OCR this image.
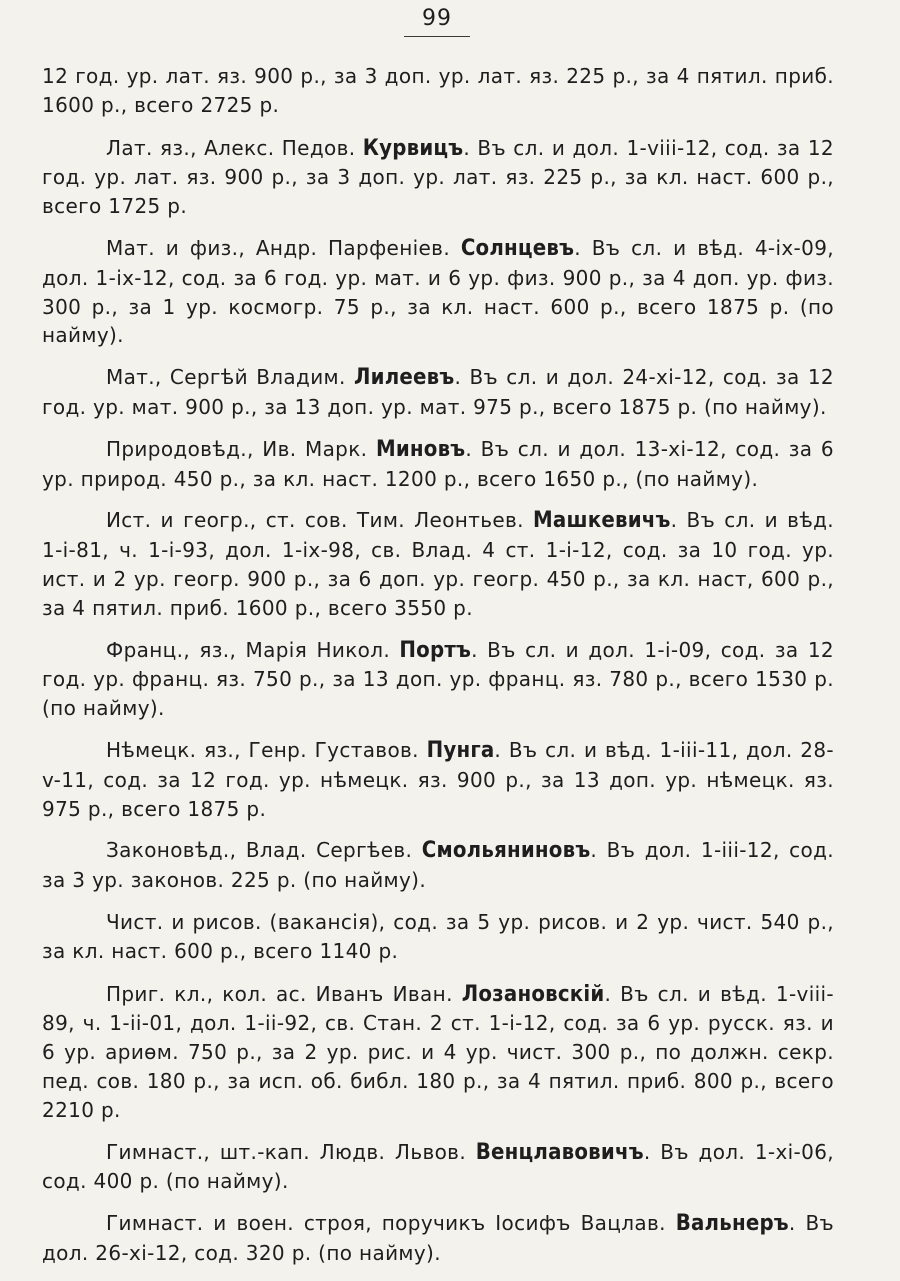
99

12 год. ур. лат. яз. 900 р., за 3 доп. ур. лат. яз. 225 р., за 4 пятил. приб. 1600 р., всего 2725 р.

Лат. яз., Алекс. Педов. Курвицъ. Въ сл. и дол. 1-viii-12, сод. за 12 год. ур. лат. яз. 900 р., за 3 доп. ур. лат. яз. 225 р., за кл. наст. 600 р., всего 1725 р.

Мат. и физ., Андр. Парфеніев. Солнцевъ. Въ сл. и вѣд. 4-ix-09, дол. 1-ix-12, сод. за 6 год. ур. мат. и 6 ур. физ. 900 р., за 4 доп. ур. физ. 300 р., за 1 ур. космогр. 75 р., за кл. наст. 600 р., всего 1875 р. (по найму).

Мат., Сергѣй Владим. Лилеевъ. Въ сл. и дол. 24-xi-12, сод. за 12 год. ур. мат. 900 р., за 13 доп. ур. мат. 975 р., всего 1875 р. (по найму).

Природовѣд., Ив. Марк. Миновъ. Въ сл. и дол. 13-xi-12, сод. за 6 ур. природ. 450 р., за кл. наст. 1200 р., всего 1650 р., (по найму).

Ист. и геогр., ст. сов. Тим. Леонтьев. Машкевичъ. Въ сл. и вѣд. 1-i-81, ч. 1-i-93, дол. 1-ix-98, св. Влад. 4 ст. 1-i-12, сод. за 10 год. ур. ист. и 2 ур. геогр. 900 р., за 6 доп. ур. геогр. 450 р., за кл. наст, 600 р., за 4 пятил. приб. 1600 р., всего 3550 р.

Франц., яз., Марія Никол. Портъ. Въ сл. и дол. 1-i-09, сод. за 12 год. ур. франц. яз. 750 р., за 13 доп. ур. франц. яз. 780 р., всего 1530 р. (по найму).

Нѣмецк. яз., Генр. Густавов. Пунга. Въ сл. и вѣд. 1-iii-11, дол. 28-v-11, сод. за 12 год. ур. нѣмецк. яз. 900 р., за 13 доп. ур. нѣмецк. яз. 975 р., всего 1875 р.

Законовѣд., Влад. Сергѣев. Смольяниновъ. Въ дол. 1-iii-12, сод. за 3 ур. законов. 225 р. (по найму).

Чист. и рисов. (вакансія), сод. за 5 ур. рисов. и 2 ур. чист. 540 р., за кл. наст. 600 р., всего 1140 р.

Приг. кл., кол. ас. Иванъ Иван. Лозановскій. Въ сл. и вѣд. 1-viii-89, ч. 1-ii-01, дол. 1-ii-92, св. Стан. 2 ст. 1-i-12, сод. за 6 ур. русск. яз. и 6 ур. ариѳм. 750 р., за 2 ур. рис. и 4 ур. чист. 300 р., по должн. секр. пед. сов. 180 р., за исп. об. библ. 180 р., за 4 пятил. приб. 800 р., всего 2210 р.

Гимнаст., шт.-кап. Людв. Львов. Венцлавовичъ. Въ дол. 1-xi-06, сод. 400 р. (по найму).

Гимнаст. и воен. строя, поручикъ Іосифъ Вацлав. Вальнеръ. Въ дол. 26-xi-12, сод. 320 р. (по найму).
